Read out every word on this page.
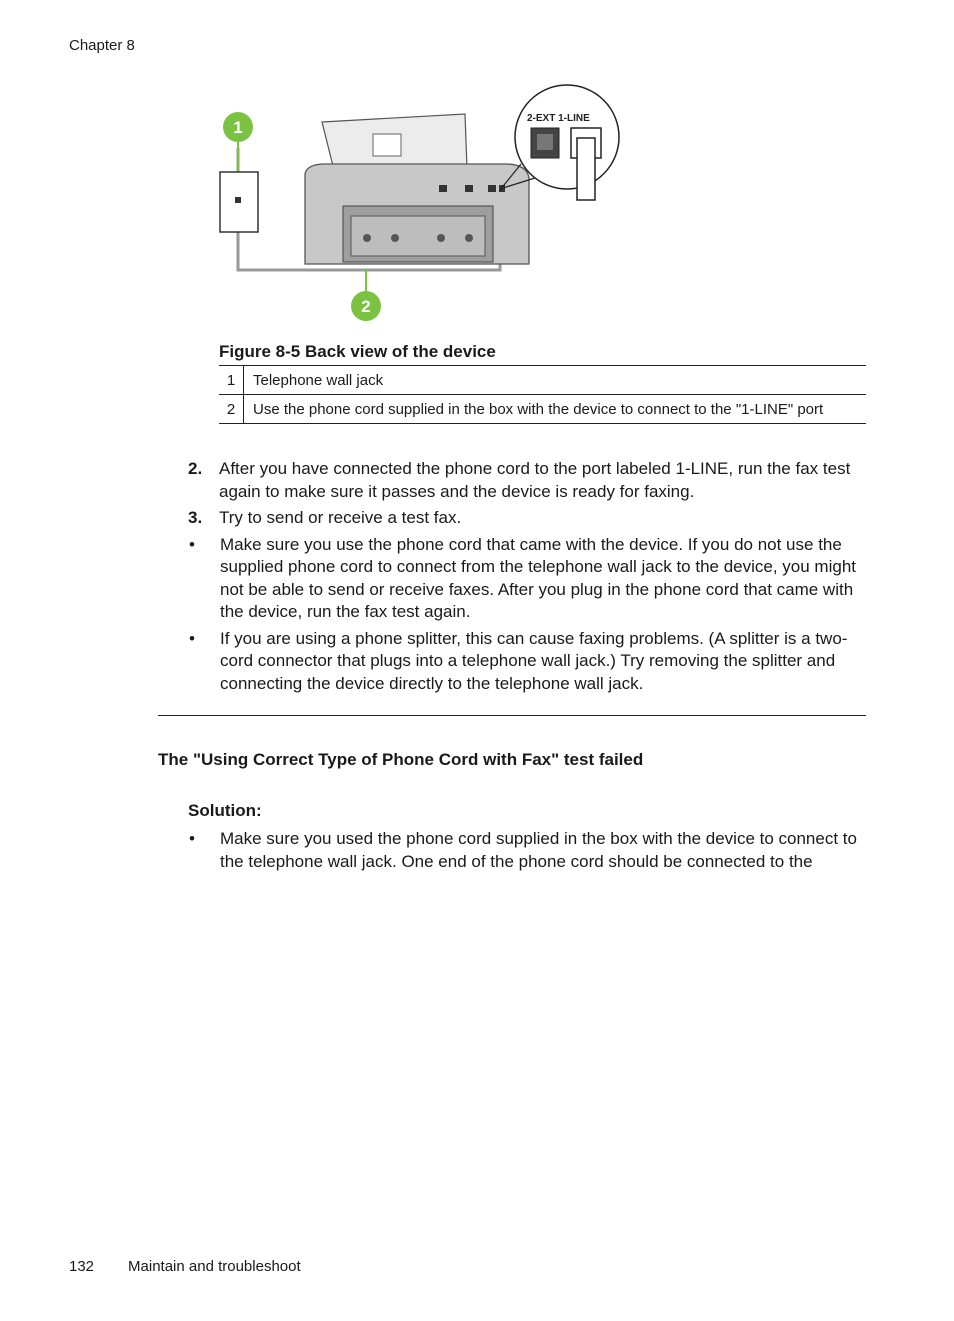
Chapter 8
2-EXT 1-LINE
1
2
Figure 8-5 Back view of the device
1	Telephone wall jack
2	Use the phone cord supplied in the box with the device to connect to the "1-LINE" port
2. After you have connected the phone cord to the port labeled 1-LINE, run the fax test again to make sure it passes and the device is ready for faxing.
3. Try to send or receive a test fax.
•	Make sure you use the phone cord that came with the device. If you do not use the supplied phone cord to connect from the telephone wall jack to the device, you might not be able to send or receive faxes. After you plug in the phone cord that came with the device, run the fax test again.
•	If you are using a phone splitter, this can cause faxing problems. (A splitter is a two-cord connector that plugs into a telephone wall jack.) Try removing the splitter and connecting the device directly to the telephone wall jack.
The "Using Correct Type of Phone Cord with Fax" test failed
Solution:
•	Make sure you used the phone cord supplied in the box with the device to connect to the telephone wall jack. One end of the phone cord should be connected to the
132 Maintain and troubleshoot
